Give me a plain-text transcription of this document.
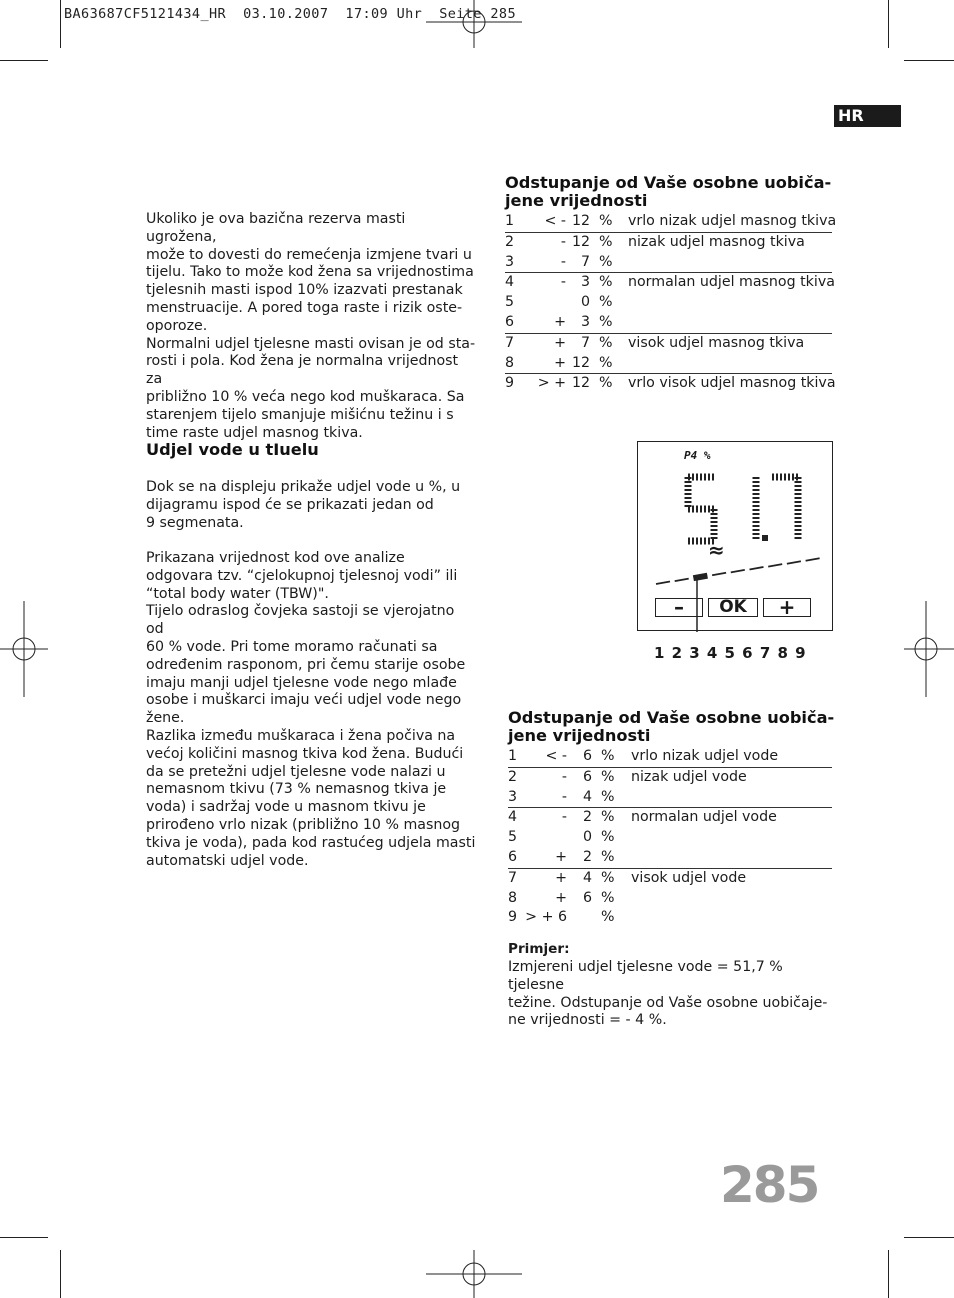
BA63687CF5121434_HR  03.10.2007  17:09 Uhr  Seite 285
HR
Ukoliko je ova bazična rezerva masti ugrožena,
može to dovesti do remećenja izmjene tvari u
tijelu. Tako to može kod žena sa vrijednostima
tjelesnih masti ispod 10% izazvati prestanak
menstruacije. A pored toga raste i rizik oste-
oporoze.
Normalni udjel tjelesne masti ovisan je od sta-
rosti i pola. Kod žena je normalna vrijednost za
približno 10 % veća nego kod muškaraca. Sa
starenjem tijelo smanjuje mišićnu težinu i s
time raste udjel masnog tkiva.
Udjel vode u tIuelu
Dok se na displeju prikaže udjel vode u %, u
dijagramu ispod će se prikazati jedan od
9 segmenata.
Prikazana vrijednost kod ove analize
odgovara tzv. “cjelokupnoj tjelesnoj vodi” ili
“total body water (TBW)".
Tijelo odraslog čovjeka sastoji se vjerojatno od
60 % vode. Pri tome moramo računati sa
određenim rasponom, pri čemu starije osobe
imaju manji udjel tjelesne vode nego mlađe
osobe i muškarci imaju veći udjel vode nego
žene.
Razlika između muškaraca i žena počiva na
većoj količini masnog tkiva kod žena. Budući
da se pretežni udjel tjelesne vode nalazi u
nemasnom tkivu (73 % nemasnog tkiva je
voda) i sadržaj vode u masnom tkivu je
prirođeno vrlo nizak (približno 10 % masnog
tkiva je voda), pada kod rastućeg udjela masti
automatski udjel vode.
Odstupanje od Vaše osobne uobiča-
jene vrijednosti
1 < - 12 % vrlo nizak udjel masnog tkiva
2	- 12 % nizak udjel masnog tkiva
3	- 7 %
4	- 3 % normalan udjel masnog tkiva
5	0 %
6	+ 3 %
7	+ 7 % visok udjel masnog tkiva
8	+ 12 %
9 > + 12 % vrlo visok udjel masnog tkiva
P4 %
≈
–	OK	+
123456789
Odstupanje od Vaše osobne uobiča-
jene vrijednosti
1 < - 6 % vrlo nizak udjel vode
2	- 6 % nizak udjel vode
3	- 4 %
4	- 2 % normalan udjel vode
5	0 %
6	+ 2 %
7	+ 4 % visok udjel vode
8	+ 6 %
9 > + 6 %
Primjer:
Izmjereni udjel tjelesne vode = 51,7 % tjelesne
težine. Odstupanje od Vaše osobne uobičaje-
ne vrijednosti = - 4 %.
285
